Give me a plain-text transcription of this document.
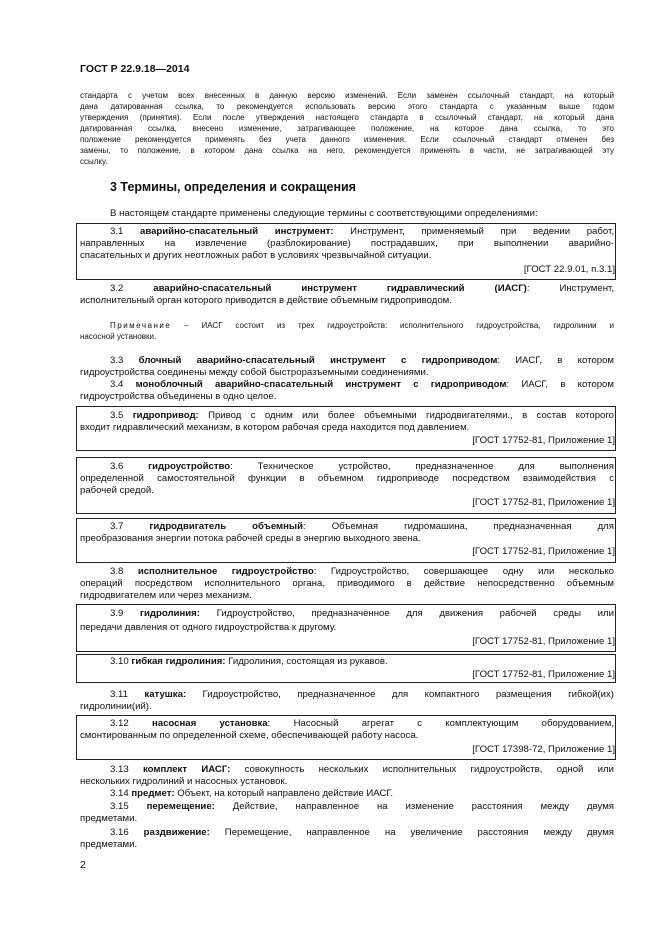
ГОСТ Р 22.9.18—2014
стандарта с учетом всех внесенных в данную версию изменений. Если заменен ссылочный стандарт, на который
дана датированная ссылка, то рекомендуется использовать версию этого стандарта с указанным выше годом
утверждения (принятия). Если после утверждения настоящего стандарта в ссылочный стандарт, на который дана
датированная ссылка, внесено изменение, затрагивающее положение, на которое дана ссылка, то это
положение рекомендуется применять без учета данного изменения. Если ссылочный стандарт отменен без
замены, то положение, в котором дана ссылка на него, рекомендуется применять в части, не затрагивающей эту
ссылку.
3 Термины, определения и сокращения
В настоящем стандарте применены следующие термины с соответствующими определениями:
3.1 аварийно-спасательный инструмент: Инструмент, применяемый при ведении работ,
направленных на извлечение (разблокирование) пострадавших, при выполнении аварийно-
спасательных и других неотложных работ в условиях чрезвычайной ситуации.
[ГОСТ 22.9.01, п.3.1]
3.2 аварийно-спасательный инструмент гидравлический (ИАСГ): Инструмент,
исполнительный орган которого приводится в действие объемным гидроприводом.
Примечание – ИАСГ состоит из трех гидроустройств: исполнительного гидроустройства, гидролинии и
насосной установки.
3.3 блочный аварийно-спасательный инструмент с гидроприводом: ИАСГ, в котором
гидроустройства соединены между собой быстроразъемными соединениями.
3.4 моноблочный аварийно-спасательный инструмент с гидроприводом: ИАСГ, в котором
гидроустройства объединены в одно целое.
3.5 гидропривод: Привод с одним или более объемными гидродвигателями., в состав которого
входит гидравлический механизм, в котором рабочая среда находится под давлением.
[ГОСТ 17752-81, Приложение 1]
3.6 гидроустройство: Техническое устройство, предназначенное для выполнения
определенной самостоятельной функции в объемном гидроприводе посредством взаимодействия с
рабочей средой.
[ГОСТ 17752-81, Приложение 1]
3.7 гидродвигатель объемный: Объемная гидромашина, предназначенная для
преобразования энергии потока рабочей среды в энергию выходного звена.
[ГОСТ 17752-81, Приложение 1]
3.8 исполнительное гидроустройство: Гидроустройство, совершающее одну или несколько
операций посредством исполнительного органа, приводимого в действие непосредственно объемным
гидродвигателем или через механизм.
3.9 гидролиния: Гидроустройство, предназначенное для движения рабочей среды или
передачи давления от одного гидроустройства к другому.
[ГОСТ 17752-81, Приложение 1]
3.10 гибкая гидролиния: Гидролиния, состоящая из рукавов.
[ГОСТ 17752-81, Приложение 1]
3.11 катушка: Гидроустройство, предназначенное для компактного размещения гибкой(их)
гидролинии(ий).
3.12 насосная установка: Насосный агрегат с комплектующим оборудованием,
смонтированным по определенной схеме, обеспечивающей работу насоса.
[ГОСТ 17398-72, Приложение 1]
3.13 комплект ИАСГ: совокупность нескольких исполнительных гидроустройств, одной или
нескольких гидролиний и насосных установок.
3.14 предмет: Объект, на который направлено действие ИАСГ.
3.15 перемещение: Действие, направленное на изменение расстояния между двумя
предметами.
3.16 раздвижение: Перемещение, направленное на увеличение расстояния между двумя
предметами.
2
